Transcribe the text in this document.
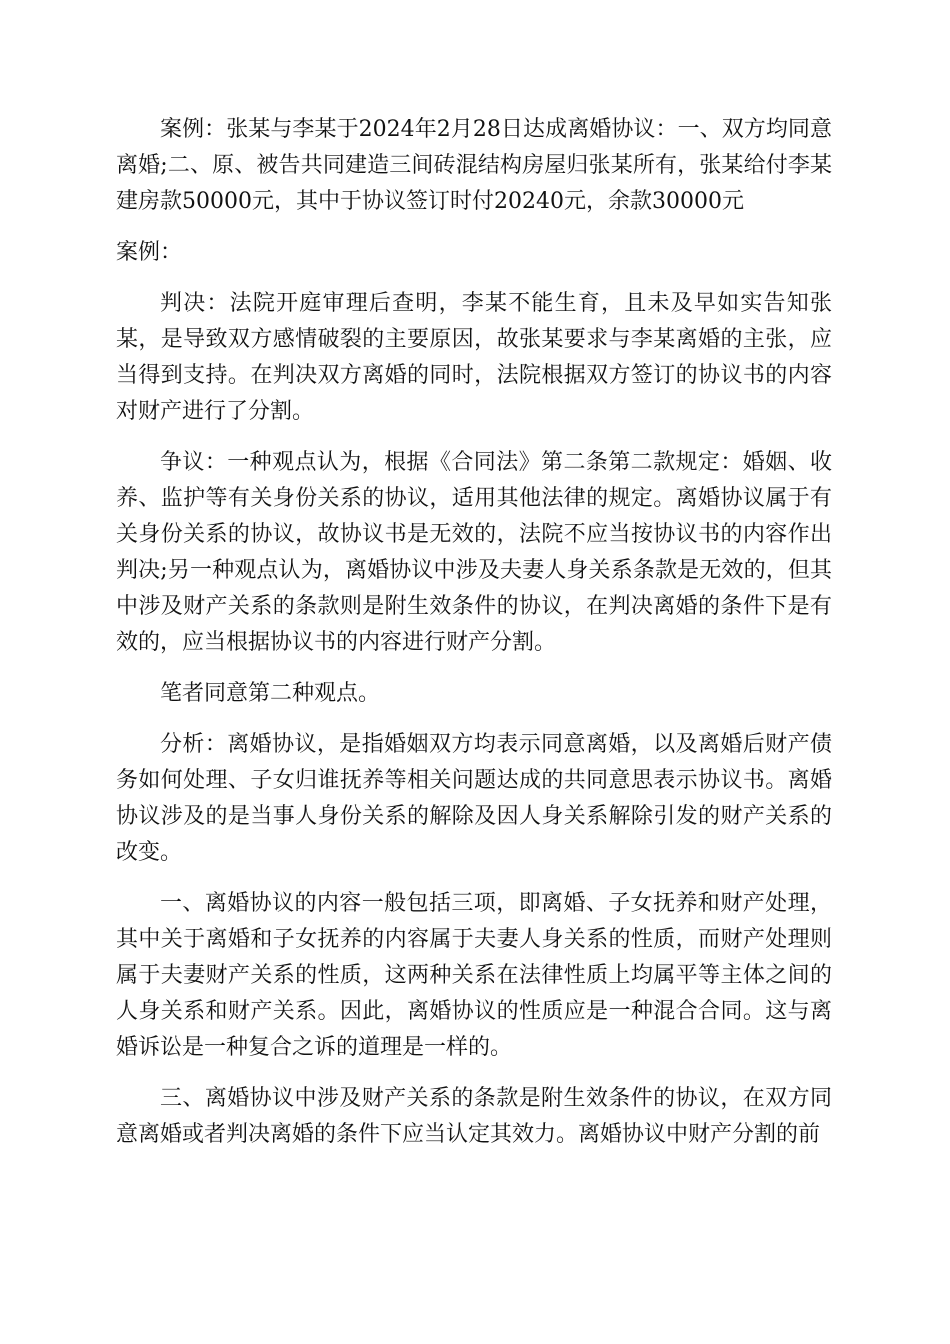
案例：张某与李某于2024年2月28日达成离婚协议：一、双方均同意离婚;二、原、被告共同建造三间砖混结构房屋归张某所有，张某给付李某建房款50000元，其中于协议签订时付20240元，余款30000元

案例：

判决：法院开庭审理后查明，李某不能生育，且未及早如实告知张某，是导致双方感情破裂的主要原因，故张某要求与李某离婚的主张，应当得到支持。在判决双方离婚的同时，法院根据双方签订的协议书的内容对财产进行了分割。

争议：一种观点认为，根据《合同法》第二条第二款规定：婚姻、收养、监护等有关身份关系的协议，适用其他法律的规定。离婚协议属于有关身份关系的协议，故协议书是无效的，法院不应当按协议书的内容作出判决;另一种观点认为，离婚协议中涉及夫妻人身关系条款是无效的，但其中涉及财产关系的条款则是附生效条件的协议，在判决离婚的条件下是有效的，应当根据协议书的内容进行财产分割。

笔者同意第二种观点。

分析：离婚协议，是指婚姻双方均表示同意离婚，以及离婚后财产债务如何处理、子女归谁抚养等相关问题达成的共同意思表示协议书。离婚协议涉及的是当事人身份关系的解除及因人身关系解除引发的财产关系的改变。

一、离婚协议的内容一般包括三项，即离婚、子女抚养和财产处理，其中关于离婚和子女抚养的内容属于夫妻人身关系的性质，而财产处理则属于夫妻财产关系的性质，这两种关系在法律性质上均属平等主体之间的人身关系和财产关系。因此，离婚协议的性质应是一种混合合同。这与离婚诉讼是一种复合之诉的道理是一样的。

三、离婚协议中涉及财产关系的条款是附生效条件的协议，在双方同意离婚或者判决离婚的条件下应当认定其效力。离婚协议中财产分割的前
